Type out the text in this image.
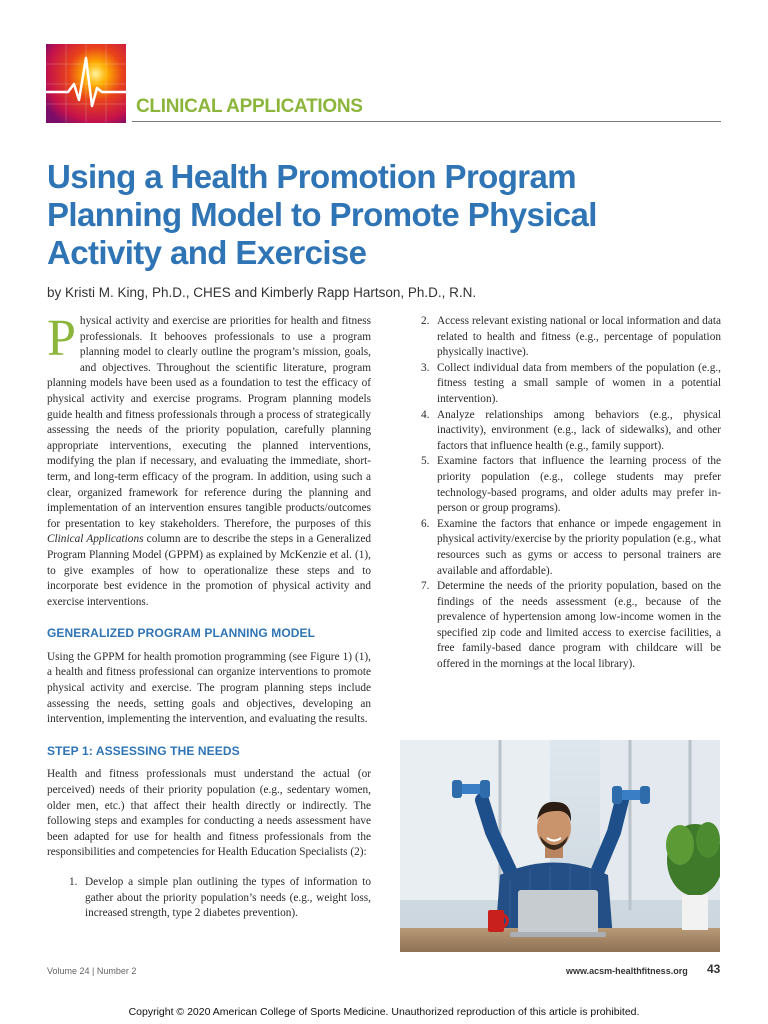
CLINICAL APPLICATIONS
Using a Health Promotion Program Planning Model to Promote Physical Activity and Exercise
by Kristi M. King, Ph.D., CHES and Kimberly Rapp Hartson, Ph.D., R.N.

Physical activity and exercise are priorities for health and fitness professionals. It behooves professionals to use a program planning model to clearly outline the program’s mission, goals, and objectives. Throughout the scientific literature, program planning models have been used as a foundation to test the efficacy of physical activity and exercise programs. Program planning models guide health and fitness professionals through a process of strategically assessing the needs of the priority population, carefully planning appropriate interventions, executing the planned interventions, modifying the plan if necessary, and evaluating the immediate, short-term, and long-term efficacy of the program. In addition, using such a clear, organized framework for reference during the planning and implementation of an intervention ensures tangible products/outcomes for presentation to key stakeholders. Therefore, the purposes of this Clinical Applications column are to describe the steps in a Generalized Program Planning Model (GPPM) as explained by McKenzie et al. (1), to give examples of how to operationalize these steps and to incorporate best evidence in the promotion of physical activity and exercise interventions.

GENERALIZED PROGRAM PLANNING MODEL

Using the GPPM for health promotion programming (see Figure 1) (1), a health and fitness professional can organize interventions to promote physical activity and exercise. The program planning steps include assessing the needs, setting goals and objectives, developing an intervention, implementing the intervention, and evaluating the results.

STEP 1: ASSESSING THE NEEDS

Health and fitness professionals must understand the actual (or perceived) needs of their priority population (e.g., sedentary women, older men, etc.) that affect their health directly or indirectly. The following steps and examples for conducting a needs assessment have been adapted for use for health and fitness professionals from the responsibilities and competencies for Health Education Specialists (2):

1. Develop a simple plan outlining the types of information to gather about the priority population’s needs (e.g., weight loss, increased strength, type 2 diabetes prevention).
2. Access relevant existing national or local information and data related to health and fitness (e.g., percentage of population physically inactive).
3. Collect individual data from members of the population (e.g., fitness testing a small sample of women in a potential intervention).
4. Analyze relationships among behaviors (e.g., physical inactivity), environment (e.g., lack of sidewalks), and other factors that influence health (e.g., family support).
5. Examine factors that influence the learning process of the priority population (e.g., college students may prefer technology-based programs, and older adults may prefer in-person or group programs).
6. Examine the factors that enhance or impede engagement in physical activity/exercise by the priority population (e.g., what resources such as gyms or access to personal trainers are available and affordable).
7. Determine the needs of the priority population, based on the findings of the needs assessment (e.g., because of the prevalence of hypertension among low-income women in the specified zip code and limited access to exercise facilities, a free family-based dance program with childcare will be offered in the mornings at the local library).
Volume 24 | Number 2	www.acsm-healthfitness.org 43
Copyright © 2020 American College of Sports Medicine. Unauthorized reproduction of this article is prohibited.
